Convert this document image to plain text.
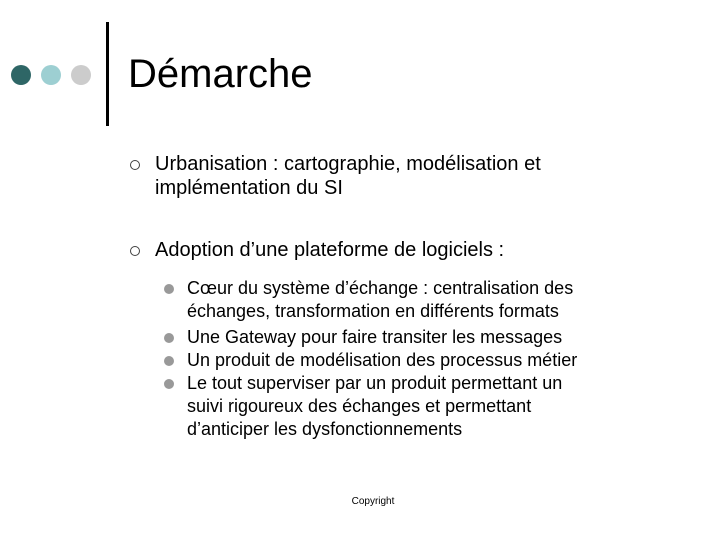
Démarche
Urbanisation : cartographie, modélisation et
implémentation du SI
Adoption d’une plateforme de logiciels :
Cœur du système d’échange : centralisation des
échanges, transformation en différents formats
Une Gateway pour faire transiter les messages
Un produit de modélisation des processus métier
Le tout superviser par un produit permettant un
suivi rigoureux des échanges et permettant
d’anticiper les dysfonctionnements
Copyright
